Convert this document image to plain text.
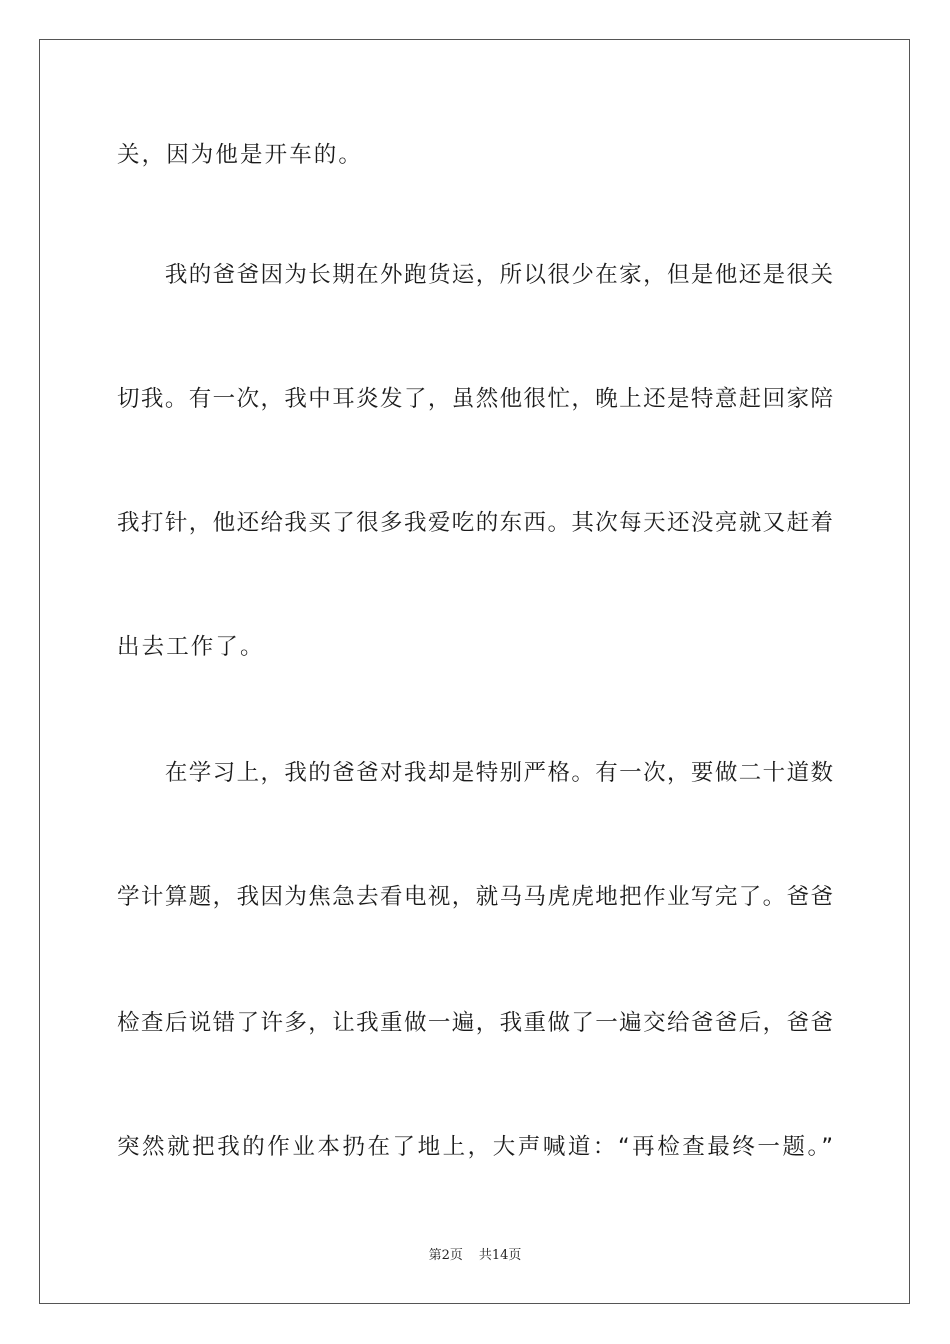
关，因为他是开车的。
　　我的爸爸因为长期在外跑货运，所以很少在家，但是他还是很关
切我。有一次，我中耳炎发了，虽然他很忙，晚上还是特意赶回家陪
我打针，他还给我买了很多我爱吃的东西。其次每天还没亮就又赶着
出去工作了。
　　在学习上，我的爸爸对我却是特别严格。有一次，要做二十道数
学计算题，我因为焦急去看电视，就马马虎虎地把作业写完了。爸爸
检查后说错了许多，让我重做一遍，我重做了一遍交给爸爸后，爸爸
突然就把我的作业本扔在了地上，大声喊道：“再检查最终一题。”
第2页 共14页
